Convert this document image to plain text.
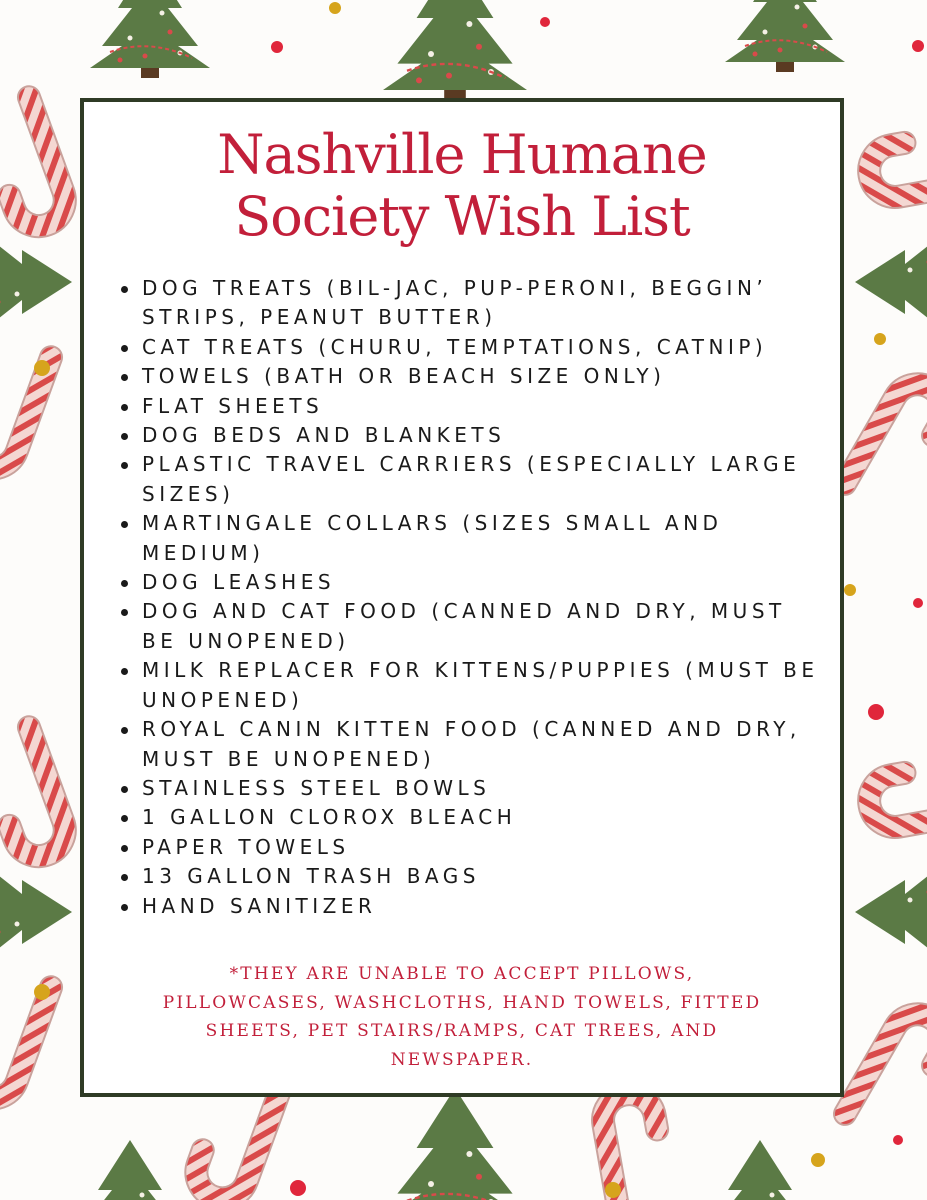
Nashville Humane
Society Wish List
DOG TREATS (BIL-JAC, PUP-PERONI, BEGGIN’ STRIPS, PEANUT BUTTER)
CAT TREATS (CHURU, TEMPTATIONS, CATNIP)
TOWELS (BATH OR BEACH SIZE ONLY)
FLAT SHEETS
DOG BEDS AND BLANKETS
PLASTIC TRAVEL CARRIERS (ESPECIALLY LARGE SIZES)
MARTINGALE COLLARS (SIZES SMALL AND MEDIUM)
DOG LEASHES
DOG AND CAT FOOD (CANNED AND DRY, MUST BE UNOPENED)
MILK REPLACER FOR KITTENS/PUPPIES (MUST BE UNOPENED)
ROYAL CANIN KITTEN FOOD (CANNED AND DRY, MUST BE UNOPENED)
STAINLESS STEEL BOWLS
1 GALLON CLOROX BLEACH
PAPER TOWELS
13 GALLON TRASH BAGS
HAND SANITIZER
*THEY ARE UNABLE TO ACCEPT PILLOWS, PILLOWCASES, WASHCLOTHS, HAND TOWELS, FITTED SHEETS, PET STAIRS/RAMPS, CAT TREES, AND NEWSPAPER.
